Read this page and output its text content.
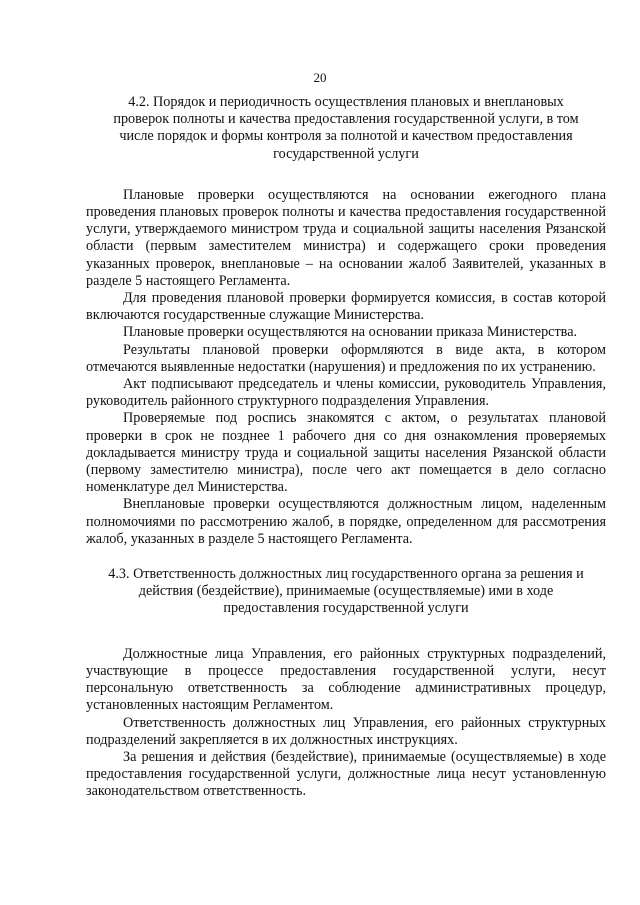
20

4.2. Порядок и периодичность осуществления плановых и внеплановых проверок полноты и качества предоставления государственной услуги, в том числе порядок и формы контроля за полнотой и качеством предоставления государственной услуги

Плановые проверки осуществляются на основании ежегодного плана проведения плановых проверок полноты и качества предоставления государственной услуги, утверждаемого министром труда и социальной защиты населения Рязанской области (первым заместителем министра) и содержащего сроки проведения указанных проверок, внеплановые – на основании жалоб Заявителей, указанных в разделе 5 настоящего Регламента.

Для проведения плановой проверки формируется комиссия, в состав которой включаются государственные служащие Министерства.

Плановые проверки осуществляются на основании приказа Министерства.

Результаты плановой проверки оформляются в виде акта, в котором отмечаются выявленные недостатки (нарушения) и предложения по их устранению.

Акт подписывают председатель и члены комиссии, руководитель Управления, руководитель районного структурного подразделения Управления.

Проверяемые под роспись знакомятся с актом, о результатах плановой проверки в срок не позднее 1 рабочего дня со дня ознакомления проверяемых докладывается министру труда и социальной защиты населения Рязанской области (первому заместителю министра), после чего акт помещается в дело согласно номенклатуре дел Министерства.

Внеплановые проверки осуществляются должностным лицом, наделенным полномочиями по рассмотрению жалоб, в порядке, определенном для рассмотрения жалоб, указанных в разделе 5 настоящего Регламента.

4.3. Ответственность должностных лиц государственного органа за решения и действия (бездействие), принимаемые (осуществляемые) ими в ходе предоставления государственной услуги

Должностные лица Управления, его районных структурных подразделений, участвующие в процессе предоставления государственной услуги, несут персональную ответственность за соблюдение административных процедур, установленных настоящим Регламентом.

Ответственность должностных лиц Управления, его районных структурных подразделений закрепляется в их должностных инструкциях.

За решения и действия (бездействие), принимаемые (осуществляемые) в ходе предоставления государственной услуги, должностные лица несут установленную законодательством ответственность.
